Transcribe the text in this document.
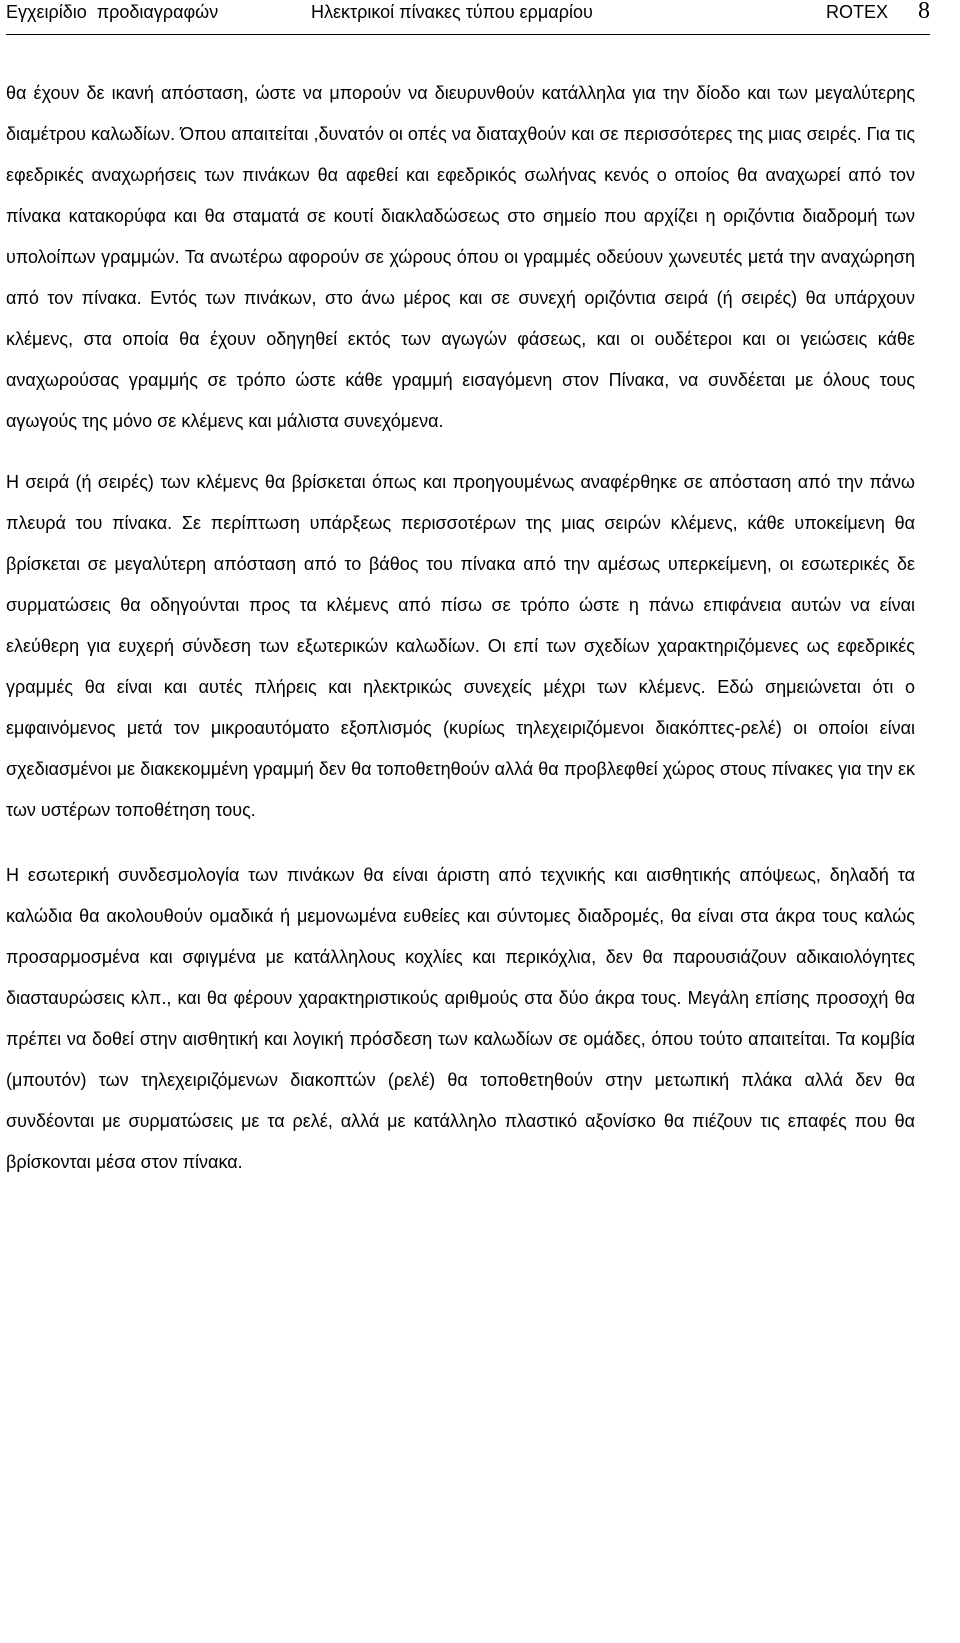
Εγχειρίδιο  προδιαγραφών	Ηλεκτρικοί πίνακες τύπου ερμαρίου	ROTEX 8

θα έχουν δε ικανή απόσταση, ώστε να μπορούν να διευρυνθούν κατάλληλα για την δίοδο και των μεγαλύτερης διαμέτρου καλωδίων. Όπου απαιτείται ,δυνατόν οι οπές να διαταχθούν και σε περισσότερες της μιας σειρές. Για τις εφεδρικές αναχωρήσεις των πινάκων θα αφεθεί και εφεδρικός σωλήνας κενός ο οποίος θα αναχωρεί από τον πίνακα κατακορύφα και θα σταματά σε κουτί διακλαδώσεως στο σημείο που αρχίζει η οριζόντια διαδρομή των υπολοίπων γραμμών. Τα ανωτέρω αφορούν σε χώρους όπου οι γραμμές οδεύουν χωνευτές μετά την αναχώρηση από τον πίνακα. Εντός των πινάκων, στο άνω μέρος και σε συνεχή οριζόντια σειρά (ή σειρές) θα υπάρχουν κλέμενς, στα οποία θα έχουν οδηγηθεί εκτός των αγωγών φάσεως, και οι ουδέτεροι και οι γειώσεις κάθε αναχωρούσας γραμμής σε τρόπο ώστε κάθε γραμμή εισαγόμενη στον Πίνακα, να συνδέεται με όλους τους αγωγούς της μόνο σε κλέμενς και μάλιστα συνεχόμενα.

Η σειρά (ή σειρές) των κλέμενς θα βρίσκεται όπως και προηγουμένως αναφέρθηκε σε απόσταση από την πάνω πλευρά του πίνακα. Σε περίπτωση υπάρξεως περισσοτέρων της μιας σειρών κλέμενς, κάθε υποκείμενη θα βρίσκεται σε μεγαλύτερη απόσταση από το βάθος του πίνακα από την αμέσως υπερκείμενη, οι εσωτερικές δε συρματώσεις θα οδηγούνται προς τα κλέμενς από πίσω σε τρόπο ώστε η πάνω επιφάνεια αυτών να είναι ελεύθερη για ευχερή σύνδεση των εξωτερικών καλωδίων. Οι επί των σχεδίων χαρακτηριζόμενες ως εφεδρικές γραμμές θα είναι και αυτές πλήρεις και ηλεκτρικώς συνεχείς μέχρι των κλέμενς. Εδώ σημειώνεται ότι ο εμφαινόμενος μετά τον μικροαυτόματο εξοπλισμός (κυρίως τηλεχειριζόμενοι διακόπτες-ρελέ) οι οποίοι είναι σχεδιασμένοι με διακεκομμένη γραμμή δεν θα τοποθετηθούν αλλά θα προβλεφθεί χώρος στους πίνακες για την εκ των υστέρων τοποθέτηση τους.

Η εσωτερική συνδεσμολογία των πινάκων θα είναι άριστη από τεχνικής και αισθητικής απόψεως, δηλαδή τα καλώδια θα ακολουθούν ομαδικά ή μεμονωμένα ευθείες και σύντομες διαδρομές, θα είναι στα άκρα τους καλώς προσαρμοσμένα και σφιγμένα με κατάλληλους κοχλίες και περικόχλια, δεν θα παρουσιάζουν αδικαιολόγητες διασταυρώσεις κλπ., και θα φέρουν χαρακτηριστικούς αριθμούς στα δύο άκρα τους. Μεγάλη επίσης προσοχή θα πρέπει να δοθεί στην αισθητική και λογική πρόσδεση των καλωδίων σε ομάδες, όπου τούτο απαιτείται. Τα κομβία (μπουτόν) των τηλεχειριζόμενων διακοπτών (ρελέ) θα τοποθετηθούν στην μετωπική πλάκα αλλά δεν θα συνδέονται με συρματώσεις με τα ρελέ, αλλά με κατάλληλο πλαστικό αξονίσκο θα πιέζουν τις επαφές που θα βρίσκονται μέσα στον πίνακα.
